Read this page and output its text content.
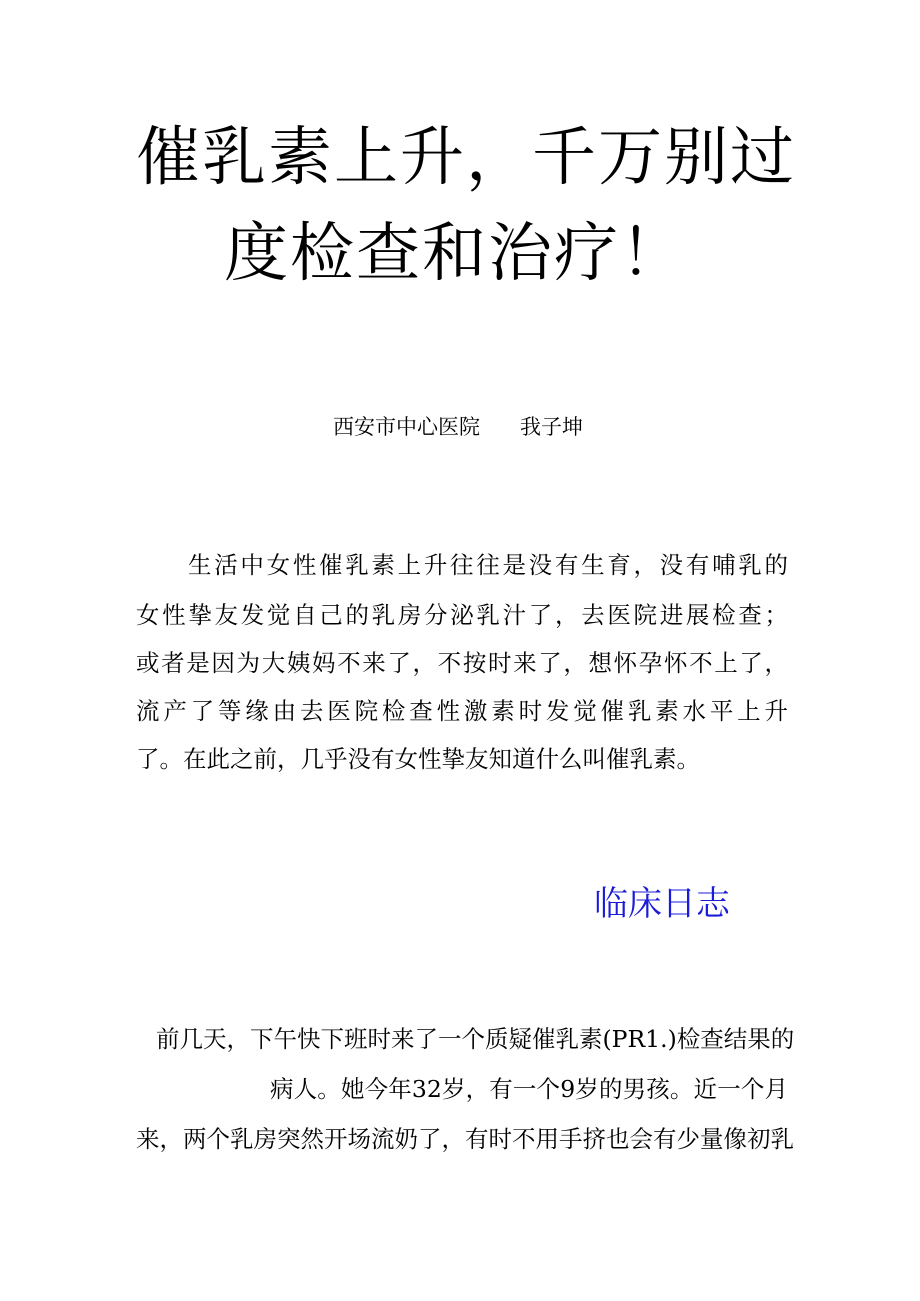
催乳素上升，千万别过
度检查和治疗！
西安市中心医院 我子坤

生活中女性催乳素上升往往是没有生育，没有哺乳的

女性挚友发觉自己的乳房分泌乳汁了，去医院进展检查；

或者是因为大姨妈不来了，不按时来了，想怀孕怀不上了，

流产了等缘由去医院检查性激素时发觉催乳素水平上升

了。在此之前，几乎没有女性挚友知道什么叫催乳素。

临床日志

前几天，下午快下班时来了一个质疑催乳素(PR1.)检查结果的

病人。她今年32岁，有一个9岁的男孩。近一个月

来，两个乳房突然开场流奶了，有时不用手挤也会有少量像初乳
